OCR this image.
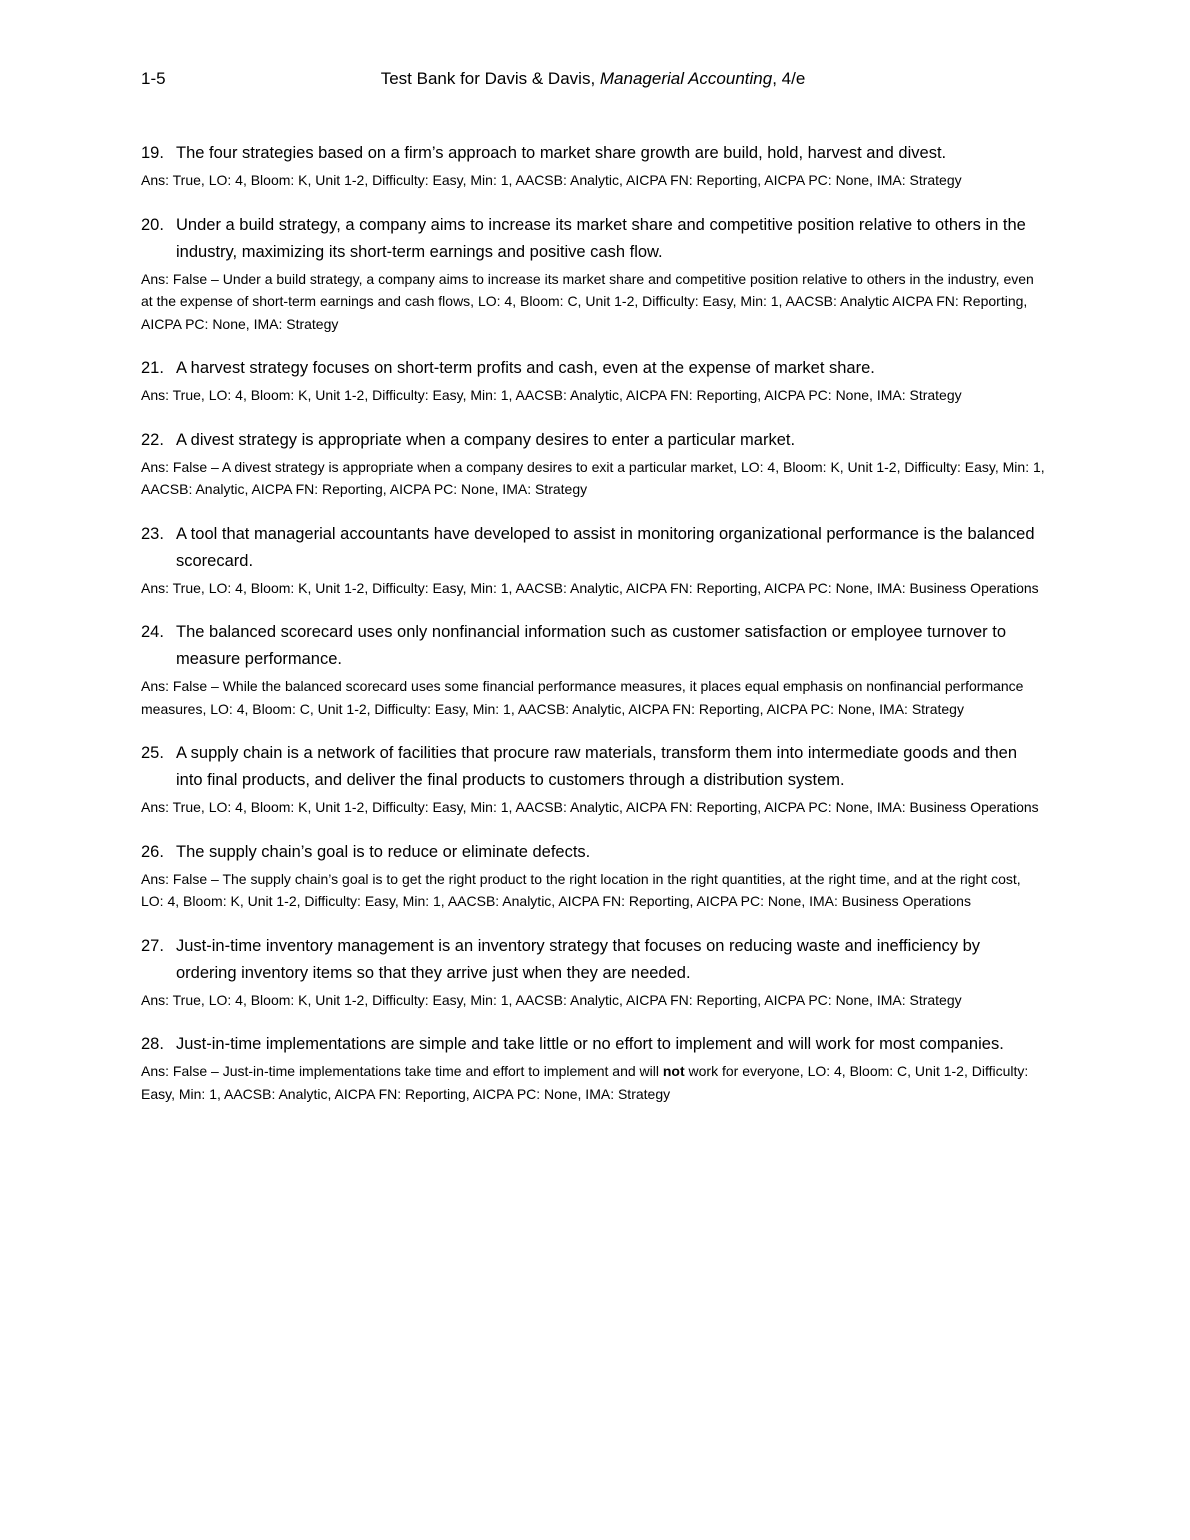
1-5	Test Bank for Davis & Davis, Managerial Accounting, 4/e
19. The four strategies based on a firm’s approach to market share growth are build, hold, harvest and divest.

Ans: True, LO: 4, Bloom: K, Unit 1-2, Difficulty: Easy, Min: 1, AACSB: Analytic, AICPA FN: Reporting, AICPA PC: None, IMA: Strategy

20. Under a build strategy, a company aims to increase its market share and competitive position relative to others in the industry, maximizing its short-term earnings and positive cash flow.

Ans: False – Under a build strategy, a company aims to increase its market share and competitive position relative to others in the industry, even at the expense of short-term earnings and cash flows, LO: 4, Bloom: C, Unit 1-2, Difficulty: Easy, Min: 1, AACSB: Analytic AICPA FN: Reporting, AICPA PC: None, IMA: Strategy

21. A harvest strategy focuses on short-term profits and cash, even at the expense of market share.

Ans: True, LO: 4, Bloom: K, Unit 1-2, Difficulty: Easy, Min: 1, AACSB: Analytic, AICPA FN: Reporting, AICPA PC: None, IMA: Strategy

22. A divest strategy is appropriate when a company desires to enter a particular market.

Ans: False – A divest strategy is appropriate when a company desires to exit a particular market, LO: 4, Bloom: K, Unit 1-2, Difficulty: Easy, Min: 1, AACSB: Analytic, AICPA FN: Reporting, AICPA PC: None, IMA: Strategy

23. A tool that managerial accountants have developed to assist in monitoring organizational performance is the balanced scorecard.

Ans: True, LO: 4, Bloom: K, Unit 1-2, Difficulty: Easy, Min: 1, AACSB: Analytic, AICPA FN: Reporting, AICPA PC: None, IMA: Business Operations

24. The balanced scorecard uses only nonfinancial information such as customer satisfaction or employee turnover to measure performance.

Ans: False – While the balanced scorecard uses some financial performance measures, it places equal emphasis on nonfinancial performance measures, LO: 4, Bloom: C, Unit 1-2, Difficulty: Easy, Min: 1, AACSB: Analytic, AICPA FN: Reporting, AICPA PC: None, IMA: Strategy

25. A supply chain is a network of facilities that procure raw materials, transform them into intermediate goods and then into final products, and deliver the final products to customers through a distribution system.

Ans: True, LO: 4, Bloom: K, Unit 1-2, Difficulty: Easy, Min: 1, AACSB: Analytic, AICPA FN: Reporting, AICPA PC: None, IMA: Business Operations

26. The supply chain’s goal is to reduce or eliminate defects.

Ans: False – The supply chain’s goal is to get the right product to the right location in the right quantities, at the right time, and at the right cost, LO: 4, Bloom: K, Unit 1-2, Difficulty: Easy, Min: 1, AACSB: Analytic, AICPA FN: Reporting, AICPA PC: None, IMA: Business Operations

27. Just-in-time inventory management is an inventory strategy that focuses on reducing waste and inefficiency by ordering inventory items so that they arrive just when they are needed.

Ans: True, LO: 4, Bloom: K, Unit 1-2, Difficulty: Easy, Min: 1, AACSB: Analytic, AICPA FN: Reporting, AICPA PC: None, IMA: Strategy

28. Just-in-time implementations are simple and take little or no effort to implement and will work for most companies.

Ans: False – Just-in-time implementations take time and effort to implement and will not work for everyone, LO: 4, Bloom: C, Unit 1-2, Difficulty: Easy, Min: 1, AACSB: Analytic, AICPA FN: Reporting, AICPA PC: None, IMA: Strategy
